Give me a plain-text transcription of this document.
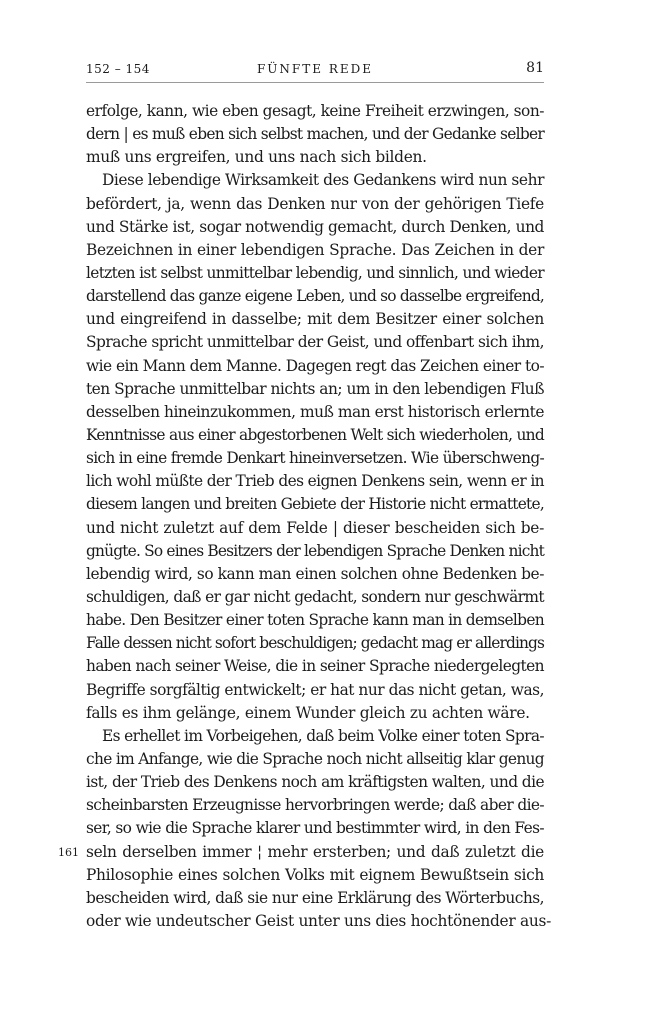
152 – 154	FÜNFTE REDE	81
erfolge, kann, wie eben gesagt, keine Freiheit erzwingen, son-
dern | es muß eben sich selbst machen, und der Gedanke selber
muß uns ergreifen, und uns nach sich bilden.
Diese lebendige Wirksamkeit des Gedankens wird nun sehr
befördert, ja, wenn das Denken nur von der gehörigen Tiefe
und Stärke ist, sogar notwendig gemacht, durch Denken, und
Bezeichnen in einer lebendigen Sprache. Das Zeichen in der
letzten ist selbst unmittelbar lebendig, und sinnlich, und wieder
darstellend das ganze eigene Leben, und so dasselbe ergreifend,
und eingreifend in dasselbe; mit dem Besitzer einer solchen
Sprache spricht unmittelbar der Geist, und offenbart sich ihm,
wie ein Mann dem Manne. Dagegen regt das Zeichen einer to-
ten Sprache unmittelbar nichts an; um in den lebendigen Fluß
desselben hineinzukommen, muß man erst historisch erlernte
Kenntnisse aus einer abgestorbenen Welt sich wiederholen, und
sich in eine fremde Denkart hineinversetzen. Wie überschweng-
lich wohl müßte der Trieb des eignen Denkens sein, wenn er in
diesem langen und breiten Gebiete der Historie nicht ermattete,
und nicht zuletzt auf dem Felde | dieser bescheiden sich be-
gnügte. So eines Besitzers der lebendigen Sprache Denken nicht
lebendig wird, so kann man einen solchen ohne Bedenken be-
schuldigen, daß er gar nicht gedacht, sondern nur geschwärmt
habe. Den Besitzer einer toten Sprache kann man in demselben
Falle dessen nicht sofort beschuldigen; gedacht mag er allerdings
haben nach seiner Weise, die in seiner Sprache niedergelegten
Begriffe sorgfältig entwickelt; er hat nur das nicht getan, was,
falls es ihm gelänge, einem Wunder gleich zu achten wäre.
Es erhellet im Vorbeigehen, daß beim Volke einer toten Spra-
che im Anfange, wie die Sprache noch nicht allseitig klar genug
ist, der Trieb des Denkens noch am kräftigsten walten, und die
scheinbarsten Erzeugnisse hervorbringen werde; daß aber die-
ser, so wie die Sprache klarer und bestimmter wird, in den Fes-
seln derselben immer ¦ mehr ersterben; und daß zuletzt die
Philosophie eines solchen Volks mit eignem Bewußtsein sich
bescheiden wird, daß sie nur eine Erklärung des Wörterbuchs,
oder wie undeutscher Geist unter uns dies hochtönender aus-
161
